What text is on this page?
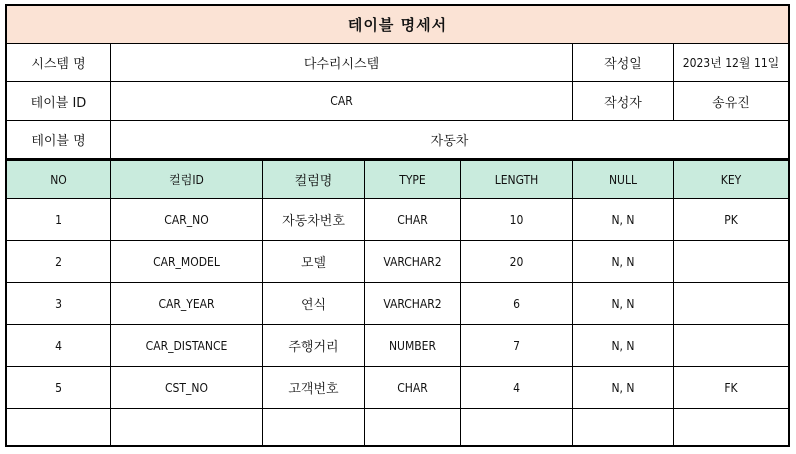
테이블 명세서
시스템 명	다수리시스템	작성일	2023년 12월 11일
테이블 ID	CAR	작성자	송유진
테이블 명	자동차
NO	컬럼ID	컬럼명	TYPE	LENGTH	NULL	KEY
1	CAR_NO	자동차번호	CHAR	10	N, N	PK
2	CAR_MODEL	모델	VARCHAR2	20	N, N
3	CAR_YEAR	연식	VARCHAR2	6	N, N
4	CAR_DISTANCE	주행거리	NUMBER	7	N, N
5	CST_NO	고객번호	CHAR	4	N, N	FK
